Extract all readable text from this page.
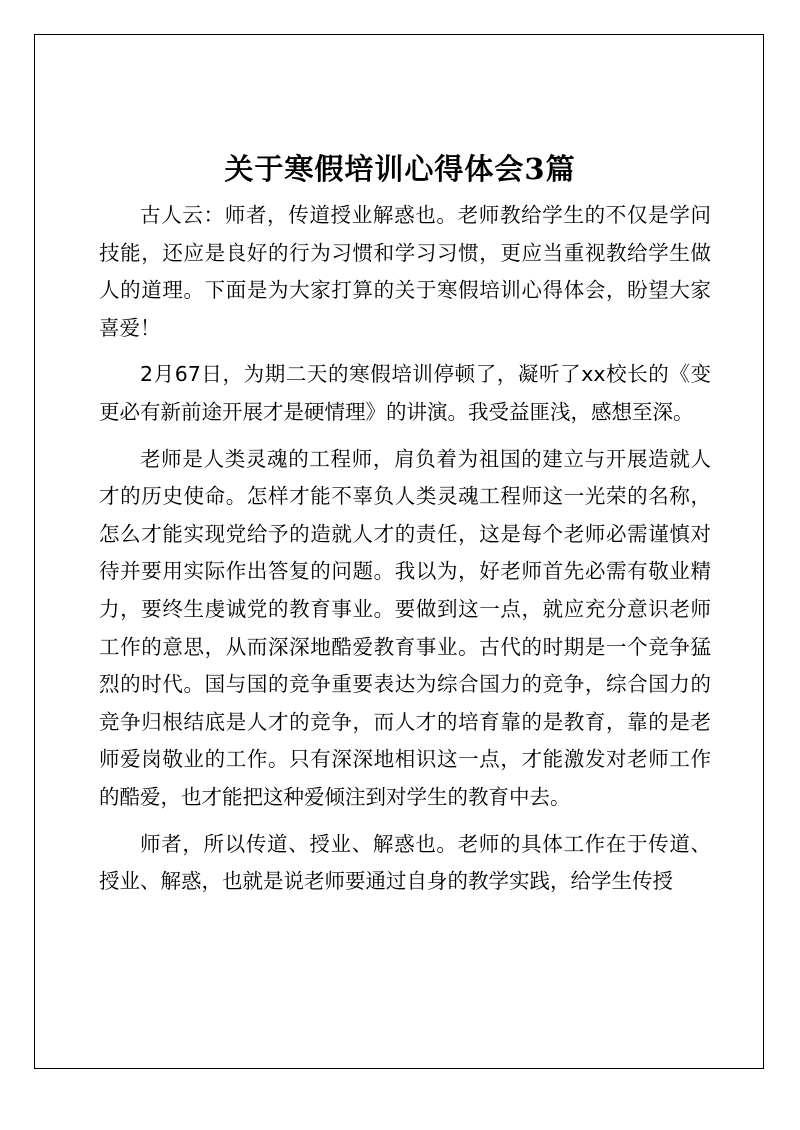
关于寒假培训心得体会3篇

古人云：师者，传道授业解惑也。老师教给学生的不仅是学问技能，还应是良好的行为习惯和学习习惯，更应当重视教给学生做人的道理。下面是为大家打算的关于寒假培训心得体会，盼望大家喜爱！

2月67日，为期二天的寒假培训停顿了，凝听了xx校长的《变更必有新前途开展才是硬情理》的讲演。我受益匪浅，感想至深。

老师是人类灵魂的工程师，肩负着为祖国的建立与开展造就人才的历史使命。怎样才能不辜负人类灵魂工程师这一光荣的名称，怎么才能实现党给予的造就人才的责任，这是每个老师必需谨慎对待并要用实际作出答复的问题。我以为，好老师首先必需有敬业精力，要终生虔诚党的教育事业。要做到这一点，就应充分意识老师工作的意思，从而深深地酷爱教育事业。古代的时期是一个竞争猛烈的时代。国与国的竞争重要表达为综合国力的竞争，综合国力的竞争归根结底是人才的竞争，而人才的培育靠的是教育，靠的是老师爱岗敬业的工作。只有深深地相识这一点，才能激发对老师工作的酷爱，也才能把这种爱倾注到对学生的教育中去。

师者，所以传道、授业、解惑也。老师的具体工作在于传道、授业、解惑，也就是说老师要通过自身的教学实践，给学生传授
